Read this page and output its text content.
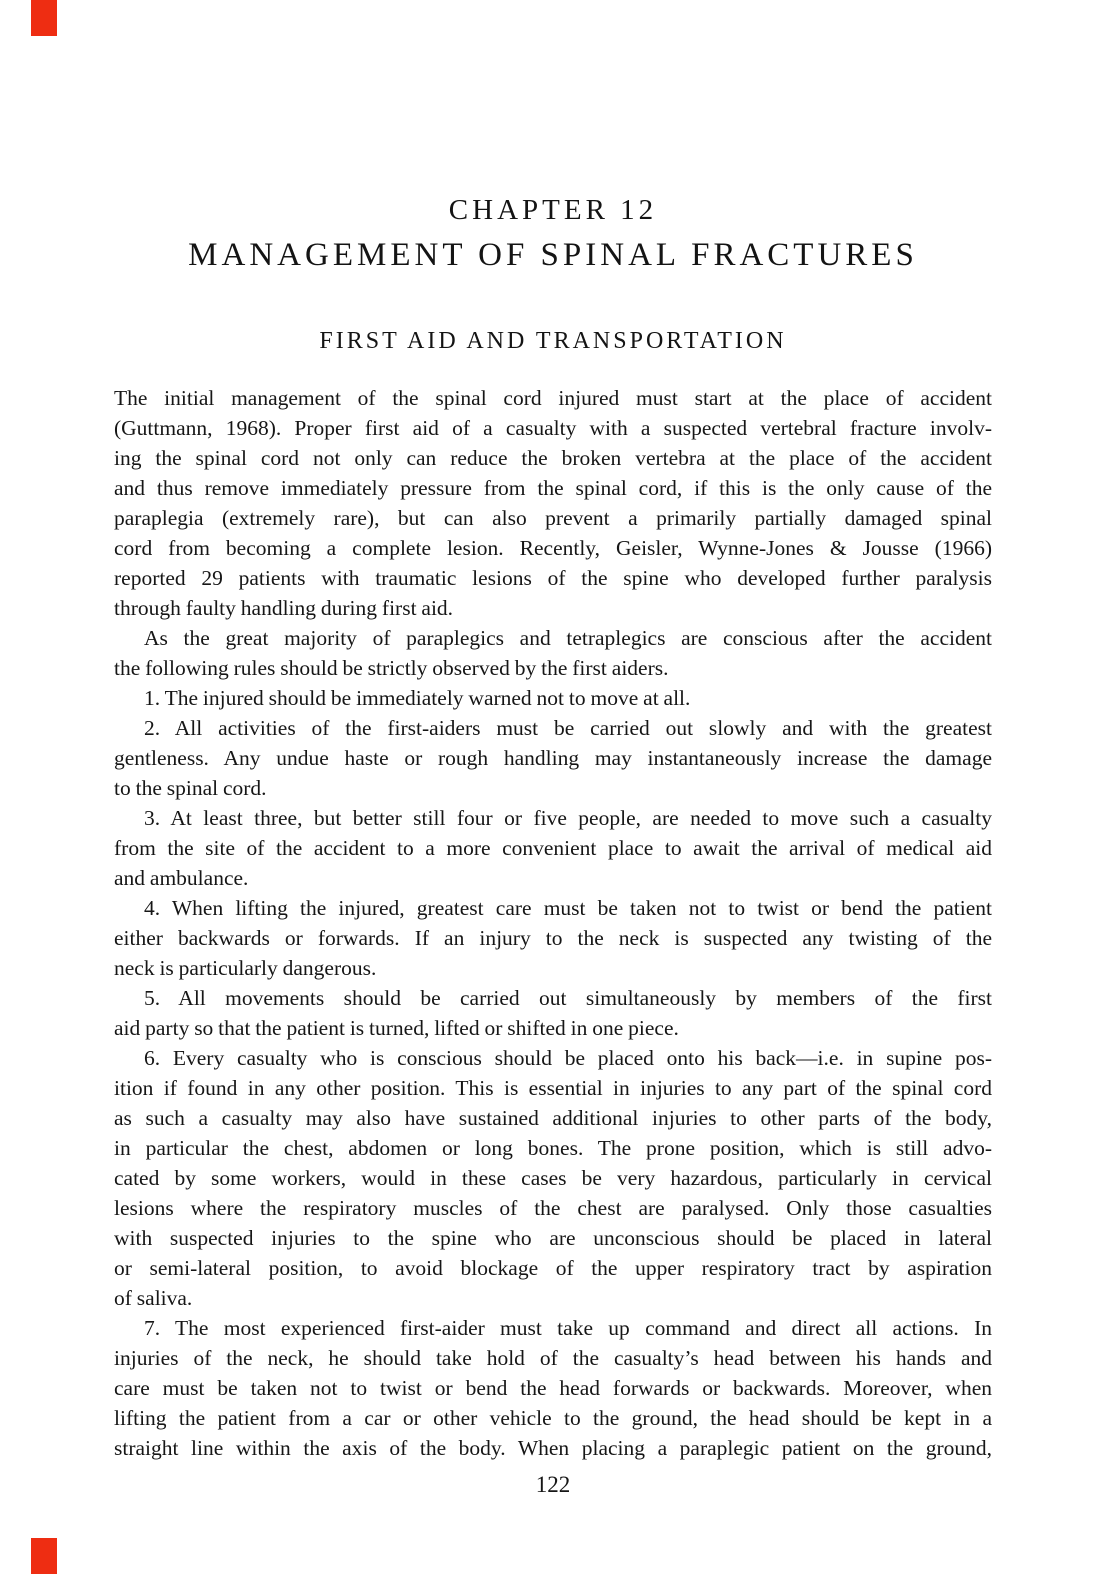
CHAPTER 12
MANAGEMENT OF SPINAL FRACTURES
FIRST AID AND TRANSPORTATION
The initial management of the spinal cord injured must start at the place of accident
(Guttmann, 1968). Proper first aid of a casualty with a suspected vertebral fracture involv-
ing the spinal cord not only can reduce the broken vertebra at the place of the accident
and thus remove immediately pressure from the spinal cord, if this is the only cause of the
paraplegia (extremely rare), but can also prevent a primarily partially damaged spinal
cord from becoming a complete lesion. Recently, Geisler, Wynne-Jones & Jousse (1966)
reported 29 patients with traumatic lesions of the spine who developed further paralysis
through faulty handling during first aid.
As the great majority of paraplegics and tetraplegics are conscious after the accident
the following rules should be strictly observed by the first aiders.
1. The injured should be immediately warned not to move at all.
2. All activities of the first-aiders must be carried out slowly and with the greatest
gentleness. Any undue haste or rough handling may instantaneously increase the damage
to the spinal cord.
3. At least three, but better still four or five people, are needed to move such a casualty
from the site of the accident to a more convenient place to await the arrival of medical aid
and ambulance.
4. When lifting the injured, greatest care must be taken not to twist or bend the patient
either backwards or forwards. If an injury to the neck is suspected any twisting of the
neck is particularly dangerous.
5. All movements should be carried out simultaneously by members of the first
aid party so that the patient is turned, lifted or shifted in one piece.
6. Every casualty who is conscious should be placed onto his back—i.e. in supine pos-
ition if found in any other position. This is essential in injuries to any part of the spinal cord
as such a casualty may also have sustained additional injuries to other parts of the body,
in particular the chest, abdomen or long bones. The prone position, which is still advo-
cated by some workers, would in these cases be very hazardous, particularly in cervical
lesions where the respiratory muscles of the chest are paralysed. Only those casualties
with suspected injuries to the spine who are unconscious should be placed in lateral
or semi-lateral position, to avoid blockage of the upper respiratory tract by aspiration
of saliva.
7. The most experienced first-aider must take up command and direct all actions. In
injuries of the neck, he should take hold of the casualty’s head between his hands and
care must be taken not to twist or bend the head forwards or backwards. Moreover, when
lifting the patient from a car or other vehicle to the ground, the head should be kept in a
straight line within the axis of the body. When placing a paraplegic patient on the ground,
122
